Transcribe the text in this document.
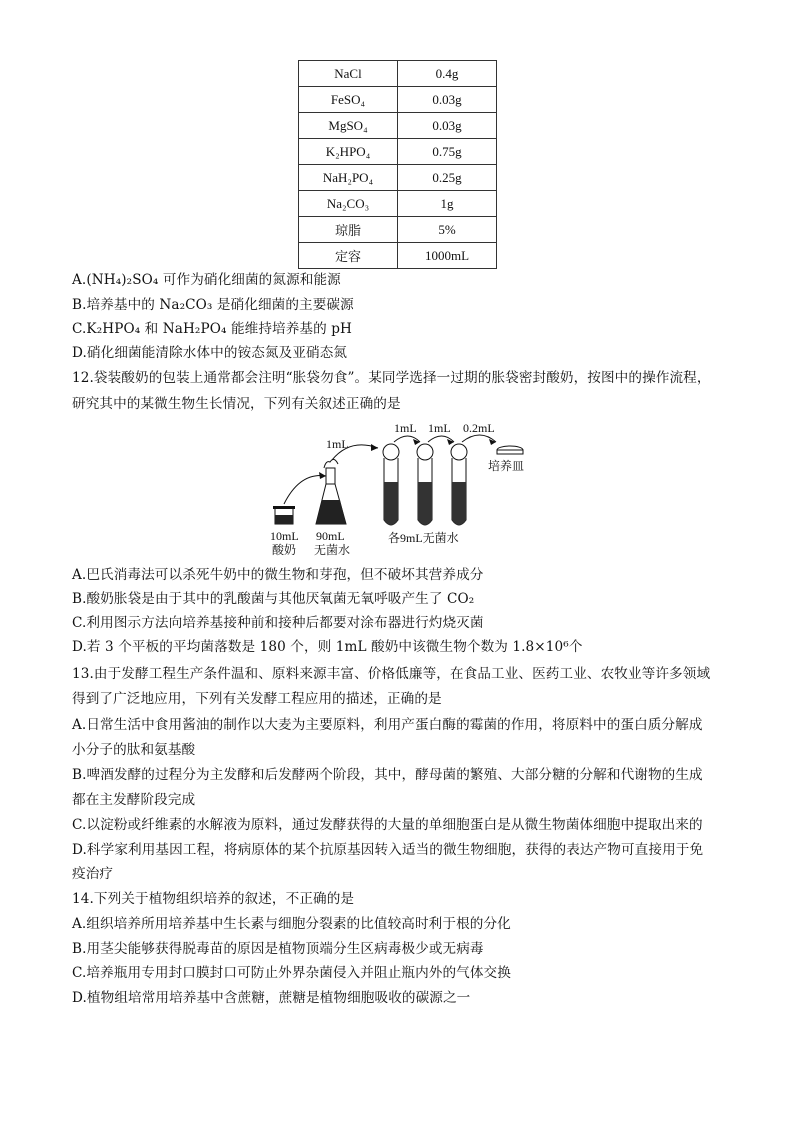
NaCl	0.4g
FeSO₄	0.03g
MgSO₄	0.03g
K₂HPO₄	0.75g
NaH₂PO₄	0.25g
Na₂CO₃	1g
琼脂	5%
定容	1000mL
A.(NH₄)₂SO₄ 可作为硝化细菌的氮源和能源
B.培养基中的 Na₂CO₃ 是硝化细菌的主要碳源
C.K₂HPO₄ 和 NaH₂PO₄ 能维持培养基的 pH
D.硝化细菌能清除水体中的铵态氮及亚硝态氮
12.袋装酸奶的包装上通常都会注明“胀袋勿食”。某同学选择一过期的胀袋密封酸奶，按图中的操作流程，
研究其中的某微生物生长情况，下列有关叙述正确的是
1mL
1mL 1mL 0.2mL
培养皿
10mL
酸奶
90mL
无菌水
各9mL无菌水
A.巴氏消毒法可以杀死牛奶中的微生物和芽孢，但不破坏其营养成分
B.酸奶胀袋是由于其中的乳酸菌与其他厌氧菌无氧呼吸产生了 CO₂
C.利用图示方法向培养基接种前和接种后都要对涂布器进行灼烧灭菌
D.若 3 个平板的平均菌落数是 180 个，则 1mL 酸奶中该微生物个数为 1.8×10⁶个
13.由于发酵工程生产条件温和、原料来源丰富、价格低廉等，在食品工业、医药工业、农牧业等许多领域
得到了广泛地应用，下列有关发酵工程应用的描述，正确的是
A.日常生活中食用酱油的制作以大麦为主要原料，利用产蛋白酶的霉菌的作用，将原料中的蛋白质分解成
小分子的肽和氨基酸
B.啤酒发酵的过程分为主发酵和后发酵两个阶段，其中，酵母菌的繁殖、大部分糖的分解和代谢物的生成
都在主发酵阶段完成
C.以淀粉或纤维素的水解液为原料，通过发酵获得的大量的单细胞蛋白是从微生物菌体细胞中提取出来的
D.科学家利用基因工程，将病原体的某个抗原基因转入适当的微生物细胞，获得的表达产物可直接用于免
疫治疗
14.下列关于植物组织培养的叙述，不正确的是
A.组织培养所用培养基中生长素与细胞分裂素的比值较高时利于根的分化
B.用茎尖能够获得脱毒苗的原因是植物顶端分生区病毒极少或无病毒
C.培养瓶用专用封口膜封口可防止外界杂菌侵入并阻止瓶内外的气体交换
D.植物组培常用培养基中含蔗糖，蔗糖是植物细胞吸收的碳源之一
